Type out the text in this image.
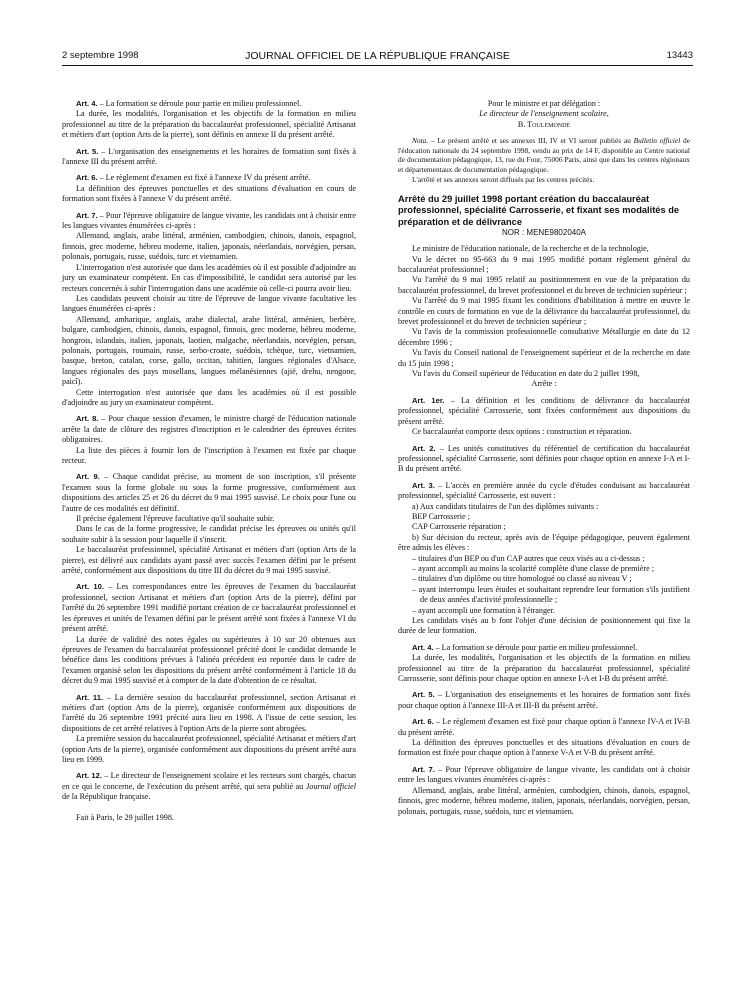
2 septembre 1998	JOURNAL OFFICIEL DE LA RÉPUBLIQUE FRANÇAISE	13443

Art. 4. – La formation se déroule pour partie en milieu professionnel.

La durée, les modalités, l'organisation et les objectifs de la formation en milieu professionnel au titre de la préparation du baccalauréat professionnel, spécialité Artisanat et métiers d'art (option Arts de la pierre), sont définis en annexe II du présent arrêté.

Art. 5. – L'organisation des enseignements et les horaires de formation sont fixés à l'annexe III du présent arrêté.

Art. 6. – Le règlement d'examen est fixé à l'annexe IV du présent arrêté.

La définition des épreuves ponctuelles et des situations d'évaluation en cours de formation sont fixées à l'annexe V du présent arrêté.

Art. 7. – Pour l'épreuve obligatoire de langue vivante, les candidats ont à choisir entre les langues vivantes énumérées ci-après :

Allemand, anglais, arabe littéral, arménien, cambodgien, chinois, danois, espagnol, finnois, grec moderne, hébreu moderne, italien, japonais, néerlandais, norvégien, persan, polonais, portugais, russe, suédois, turc et vietnamien.

L'interrogation n'est autorisée que dans les académies où il est possible d'adjoindre au jury un examinateur compétent. En cas d'impossibilité, le candidat sera autorisé par les recteurs concernés à subir l'interrogation dans une académie où celle-ci pourra avoir lieu.

Les candidats peuvent choisir au titre de l'épreuve de langue vivante facultative les langues énumérées ci-après :

Allemand, amharique, anglais, arabe dialectal, arabe littéral, arménien, berbère, bulgare, cambodgien, chinois, danois, espagnol, finnois, grec moderne, hébreu moderne, hongrois, islandais, italien, japonais, laotien, malgache, néerlandais, norvégien, persan, polonais, portugais, roumain, russe, serbo-croate, suédois, tchèque, turc, vietnamien, basque, breton, catalan, corse, gallo, occitan, tahitien, langues régionales d'Alsace, langues régionales des pays mosellans, langues mélanésiennes (ajië, drehu, nengone, paicî).

Cette interrogation n'est autorisée que dans les académies où il est possible d'adjoindre au jury un examinateur compétent.

Art. 8. – Pour chaque session d'examen, le ministre chargé de l'éducation nationale arrête la date de clôture des registres d'inscription et le calendrier des épreuves écrites obligatoires.

La liste des pièces à fournir lors de l'inscription à l'examen est fixée par chaque recteur.

Art. 9. – Chaque candidat précise, au moment de son inscription, s'il présente l'examen sous la forme globale ou sous la forme progressive, conformément aux dispositions des articles 25 et 26 du décret du 9 mai 1995 susvisé. Le choix pour l'une ou l'autre de ces modalités est définitif.

Il précise également l'épreuve facultative qu'il souhaite subir.

Dans le cas de la forme progressive, le candidat précise les épreuves ou unités qu'il souhaite subir à la session pour laquelle il s'inscrit.

Le baccalauréat professionnel, spécialité Artisanat et métiers d'art (option Arts de la pierre), est délivré aux candidats ayant passé avec succès l'examen défini par le présent arrêté, conformément aux dispositions du titre III du décret du 9 mai 1995 susvisé.

Art. 10. – Les correspondances entre les épreuves de l'examen du baccalauréat professionnel, section Artisanat et métiers d'art (option Arts de la pierre), défini par l'arrêté du 26 septembre 1991 modifié portant création de ce baccalauréat professionnel et les épreuves et unités de l'examen défini par le présent arrêté sont fixées à l'annexe VI du présent arrêté.

La durée de validité des notes égales ou supérieures à 10 sur 20 obtenues aux épreuves de l'examen du baccalauréat professionnel précité dont le candidat demande le bénéfice dans les conditions prévues à l'alinéa précédent est reportée dans le cadre de l'examen organisé selon les dispositions du présent arrêté conformément à l'article 18 du décret du 9 mai 1995 susvisé et à compter de la date d'obtention de ce résultat.

Art. 11. – La dernière session du baccalauréat professionnel, section Artisanat et métiers d'art (option Arts de la pierre), organisée conformément aux dispositions de l'arrêté du 26 septembre 1991 précité aura lieu en 1998. A l'issue de cette session, les dispositions de cet arrêté relatives à l'option Arts de la pierre sont abrogées.

La première session du baccalauréat professionnel, spécialité Artisanat et métiers d'art (option Arts de la pierre), organisée conformément aux dispositions du présent arrêté aura lieu en 1999.

Art. 12. – Le directeur de l'enseignement scolaire et les recteurs sont chargés, chacun en ce qui le concerne, de l'exécution du présent arrêté, qui sera publié au Journal officiel de la République française.

Fait à Paris, le 29 juillet 1998.

Pour le ministre et par délégation :

Le directeur de l'enseignement scolaire,

B. Toulemonde

Nota. – Le présent arrêté et ses annexes III, IV et VI seront publiés au Bulletin officiel de l'éducation nationale du 24 septembre 1998, vendu au prix de 14 F, disponible au Centre national de documentation pédagogique, 13, rue du Four, 75006 Paris, ainsi que dans les centres régionaux et départementaux de documentation pédagogique.

L'arrêté et ses annexes seront diffusés par les centres précités.

Arrêté du 29 juillet 1998 portant création du baccalauréat professionnel, spécialité Carrosserie, et fixant ses modalités de préparation et de délivrance

NOR : MENE9802040A

Le ministre de l'éducation nationale, de la recherche et de la technologie,

Vu le décret no 95-663 du 9 mai 1995 modifié portant règlement général du baccalauréat professionnel ;

Vu l'arrêté du 9 mai 1995 relatif au positionnement en vue de la préparation du baccalauréat professionnel, du brevet professionnel et du brevet de technicien supérieur ;

Vu l'arrêté du 9 mai 1995 fixant les conditions d'habilitation à mettre en œuvre le contrôle en cours de formation en vue de la délivrance du baccalauréat professionnel, du brevet professionnel et du brevet de technicien supérieur ;

Vu l'avis de la commission professionnelle consultative Métallurgie en date du 12 décembre 1996 ;

Vu l'avis du Conseil national de l'enseignement supérieur et de la recherche en date du 15 juin 1998 ;

Vu l'avis du Conseil supérieur de l'éducation en date du 2 juillet 1998,

Arrête :

Art. 1er. – La définition et les conditions de délivrance du baccalauréat professionnel, spécialité Carrosserie, sont fixées conformément aux dispositions du présent arrêté.

Ce baccalauréat comporte deux options : construction et réparation.

Art. 2. – Les unités constitutives du référentiel de certification du baccalauréat professionnel, spécialité Carrosserie, sont définies pour chaque option en annexe I-A et I-B du présent arrêté.

Art. 3. – L'accès en première année du cycle d'études conduisant au baccalauréat professionnel, spécialité Carrosserie, est ouvert :

a) Aux candidats titulaires de l'un des diplômes suivants :

BEP Carrosserie ;

CAP Carrosserie réparation ;

b) Sur décision du recteur, après avis de l'équipe pédagogique, peuvent également être admis les élèves :

– titulaires d'un BEP ou d'un CAP autres que ceux visés au a ci-dessus ;

– ayant accompli au moins la scolarité complète d'une classe de première ;

– titulaires d'un diplôme ou titre homologué ou classé au niveau V ;

– ayant interrompu leurs études et souhaitant reprendre leur formation s'ils justifient de deux années d'activité professionnelle ;

– ayant accompli une formation à l'étranger.

Les candidats visés au b font l'objet d'une décision de positionnement qui fixe la durée de leur formation.

Art. 4. – La formation se déroule pour partie en milieu professionnel.

La durée, les modalités, l'organisation et les objectifs de la formation en milieu professionnel au titre de la préparation du baccalauréat professionnel, spécialité Carrosserie, sont définis pour chaque option en annexe I-A et I-B du présent arrêté.

Art. 5. – L'organisation des enseignements et les horaires de formation sont fixés pour chaque option à l'annexe III-A et III-B du présent arrêté.

Art. 6. – Le règlement d'examen est fixé pour chaque option à l'annexe IV-A et IV-B du présent arrêté.

La définition des épreuves ponctuelles et des situations d'évaluation en cours de formation est fixée pour chaque option à l'annexe V-A et V-B du présent arrêté.

Art. 7. – Pour l'épreuve obligatoire de langue vivante, les candidats ont à choisir entre les langues vivantes énumérées ci-après :

Allemand, anglais, arabe littéral, arménien, cambodgien, chinois, danois, espagnol, finnois, grec moderne, hébreu moderne, italien, japonais, néerlandais, norvégien, persan, polonais, portugais, russe, suédois, turc et vietnamien.
